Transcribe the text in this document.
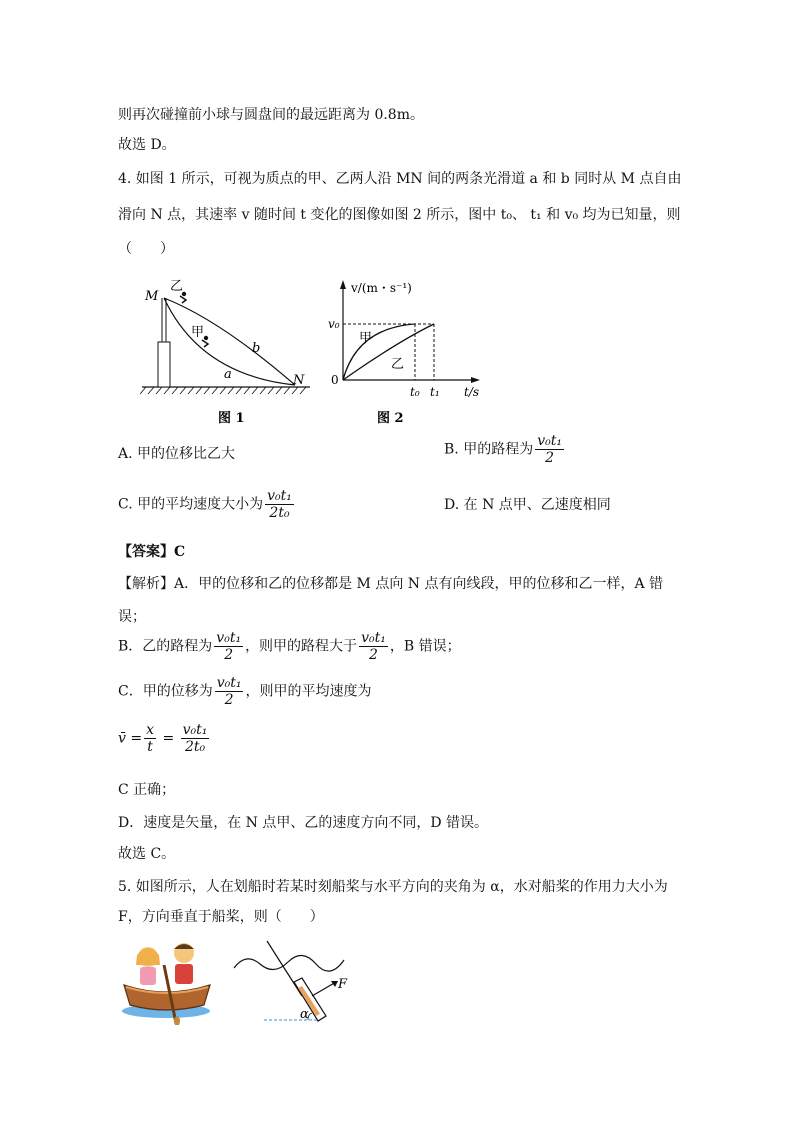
则再次碰撞前小球与圆盘间的最远距离为 0.8m。
故选 D。
4. 如图 1 所示，可视为质点的甲、乙两人沿 MN 间的两条光滑道 a 和 b 同时从 M 点自由
滑向 N 点，其速率 v 随时间 t 变化的图像如图 2 所示，图中 t₀、 t₁ 和 v₀ 均为已知量，则
（　　）
M
乙
甲
a
b
N
图 1
v/(m・s⁻¹)
v₀
0
甲
乙
t₀ t₁ t/s
图 2
A. 甲的位移比乙大	B. 甲的路程为 $\frac{\text{v₀t₁}}{2}$
C. 甲的平均速度大小为 $\frac{\text{v₀t₁}}{\text{2t₀}}$	D. 在 N 点甲、乙速度相同
【答案】C
【解析】A．甲的位移和乙的位移都是 M 点向 N 点有向线段，甲的位移和乙一样，A 错
误；
B．乙的路程为 $\frac{\text{v₀t₁}}{2}$ ，则甲的路程大于 $\frac{\text{v₀t₁}}{2}$ ，B 错误；
C．甲的位移为 $\frac{\text{v₀t₁}}{2}$ ，则甲的平均速度为
v̄ = $\frac{x}{t} = \frac{\text{v₀t₁}}{\text{2t₀}}$
C 正确；
D．速度是矢量，在 N 点甲、乙的速度方向不同，D 错误。
故选 C。
5. 如图所示，人在划船时若某时刻船桨与水平方向的夹角为 α，水对船桨的作用力大小为
F，方向垂直于船桨，则（　　）
F
α
